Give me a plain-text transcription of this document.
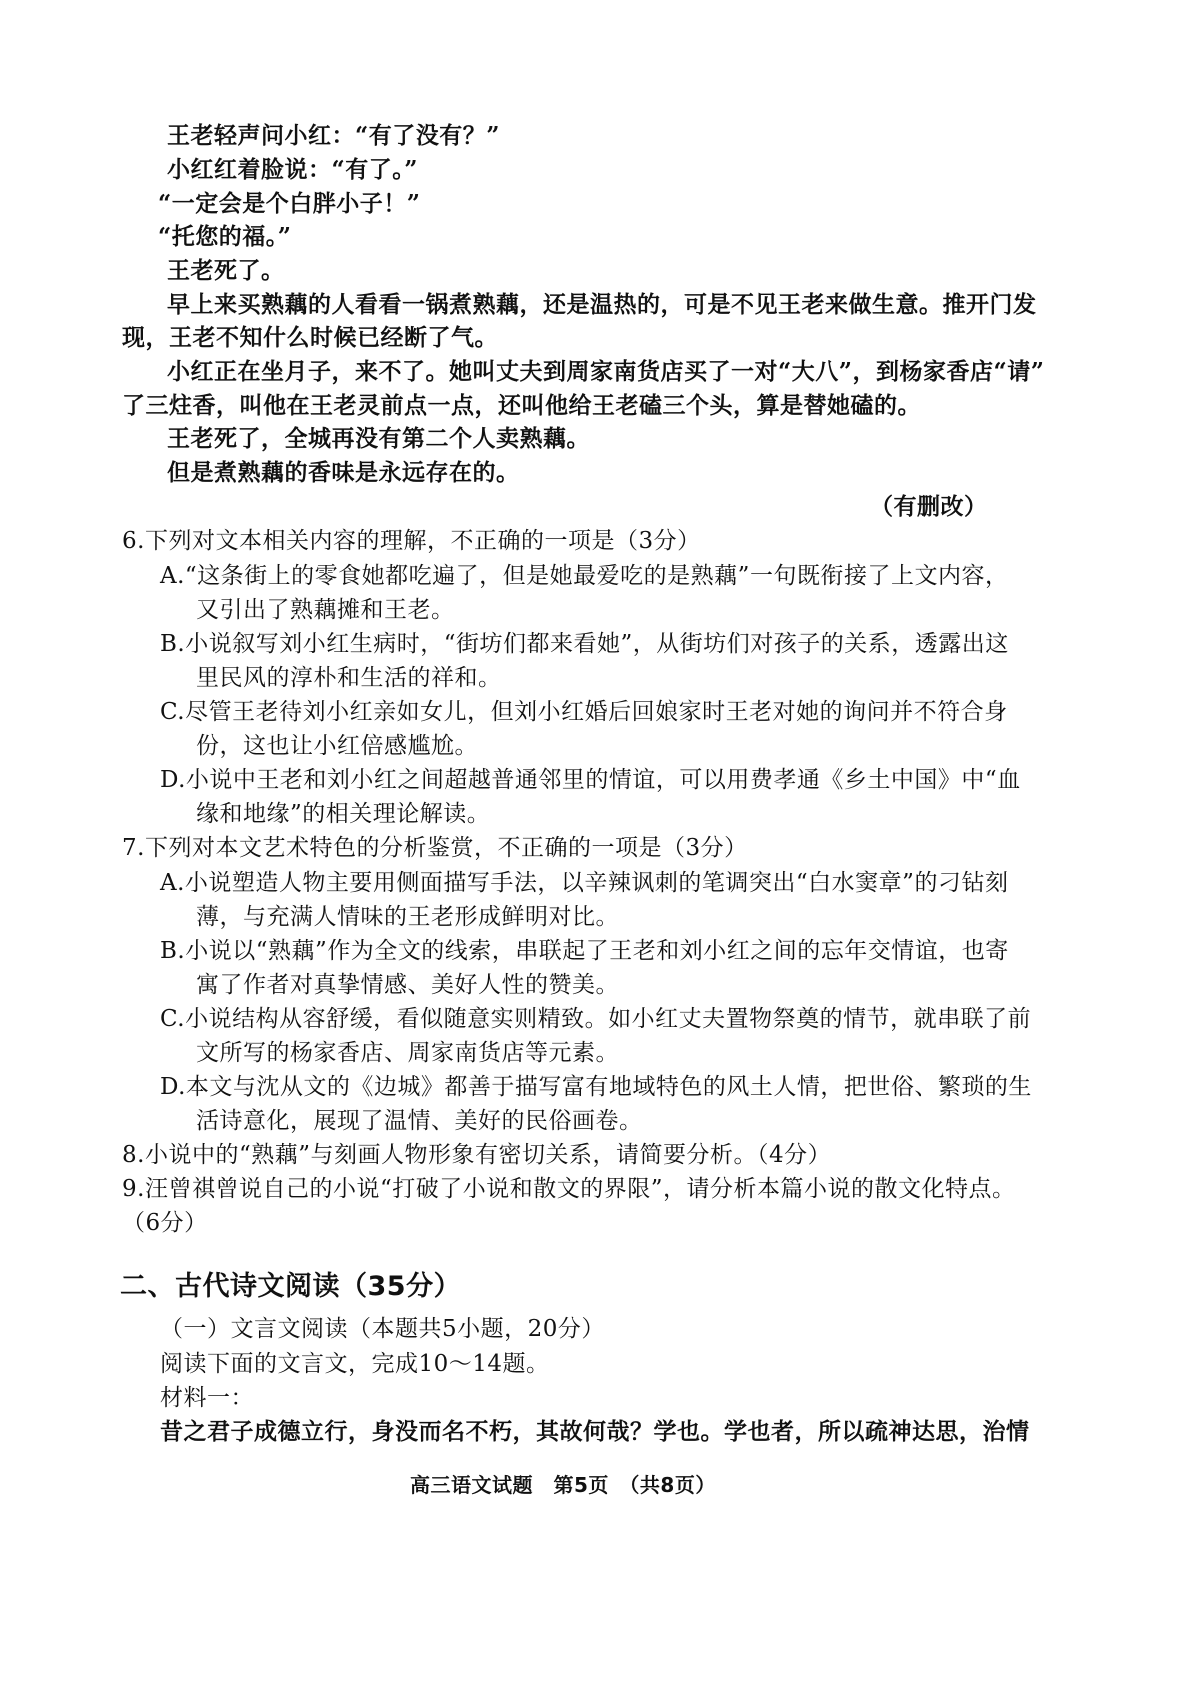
王老轻声问小红：“有了没有？”
小红红着脸说：“有了。”
“一定会是个白胖小子！”
“托您的福。”
王老死了。
早上来买熟藕的人看看一锅煮熟藕，还是温热的，可是不见王老来做生意。推开门发
现，王老不知什么时候已经断了气。
小红正在坐月子，来不了。她叫丈夫到周家南货店买了一对“大八”，到杨家香店“请”
了三炷香，叫他在王老灵前点一点，还叫他给王老磕三个头，算是替她磕的。
王老死了，全城再没有第二个人卖熟藕。
但是煮熟藕的香味是永远存在的。
（有删改）
6.下列对文本相关内容的理解，不正确的一项是（3分）
A.“这条街上的零食她都吃遍了，但是她最爱吃的是熟藕”一句既衔接了上文内容，
又引出了熟藕摊和王老。
B.小说叙写刘小红生病时，“街坊们都来看她”，从街坊们对孩子的关系，透露出这
里民风的淳朴和生活的祥和。
C.尽管王老待刘小红亲如女儿，但刘小红婚后回娘家时王老对她的询问并不符合身
份，这也让小红倍感尴尬。
D.小说中王老和刘小红之间超越普通邻里的情谊，可以用费孝通《乡土中国》中“血
缘和地缘”的相关理论解读。
7.下列对本文艺术特色的分析鉴赏，不正确的一项是（3分）
A.小说塑造人物主要用侧面描写手法，以辛辣讽刺的笔调突出“白水窦章”的刁钻刻
薄，与充满人情味的王老形成鲜明对比。
B.小说以“熟藕”作为全文的线索，串联起了王老和刘小红之间的忘年交情谊，也寄
寓了作者对真挚情感、美好人性的赞美。
C.小说结构从容舒缓，看似随意实则精致。如小红丈夫置物祭奠的情节，就串联了前
文所写的杨家香店、周家南货店等元素。
D.本文与沈从文的《边城》都善于描写富有地域特色的风土人情，把世俗、繁琐的生
活诗意化，展现了温情、美好的民俗画卷。
8.小说中的“熟藕”与刻画人物形象有密切关系，请简要分析。（4分）
9.汪曾祺曾说自己的小说“打破了小说和散文的界限”，请分析本篇小说的散文化特点。
（6分）
二、古代诗文阅读（35分）
（一）文言文阅读（本题共5小题，20分）
阅读下面的文言文，完成10～14题。
材料一：
昔之君子成德立行，身没而名不朽，其故何哉？学也。学也者，所以疏神达思，治情
高三语文试题　第5页　（共8页）
